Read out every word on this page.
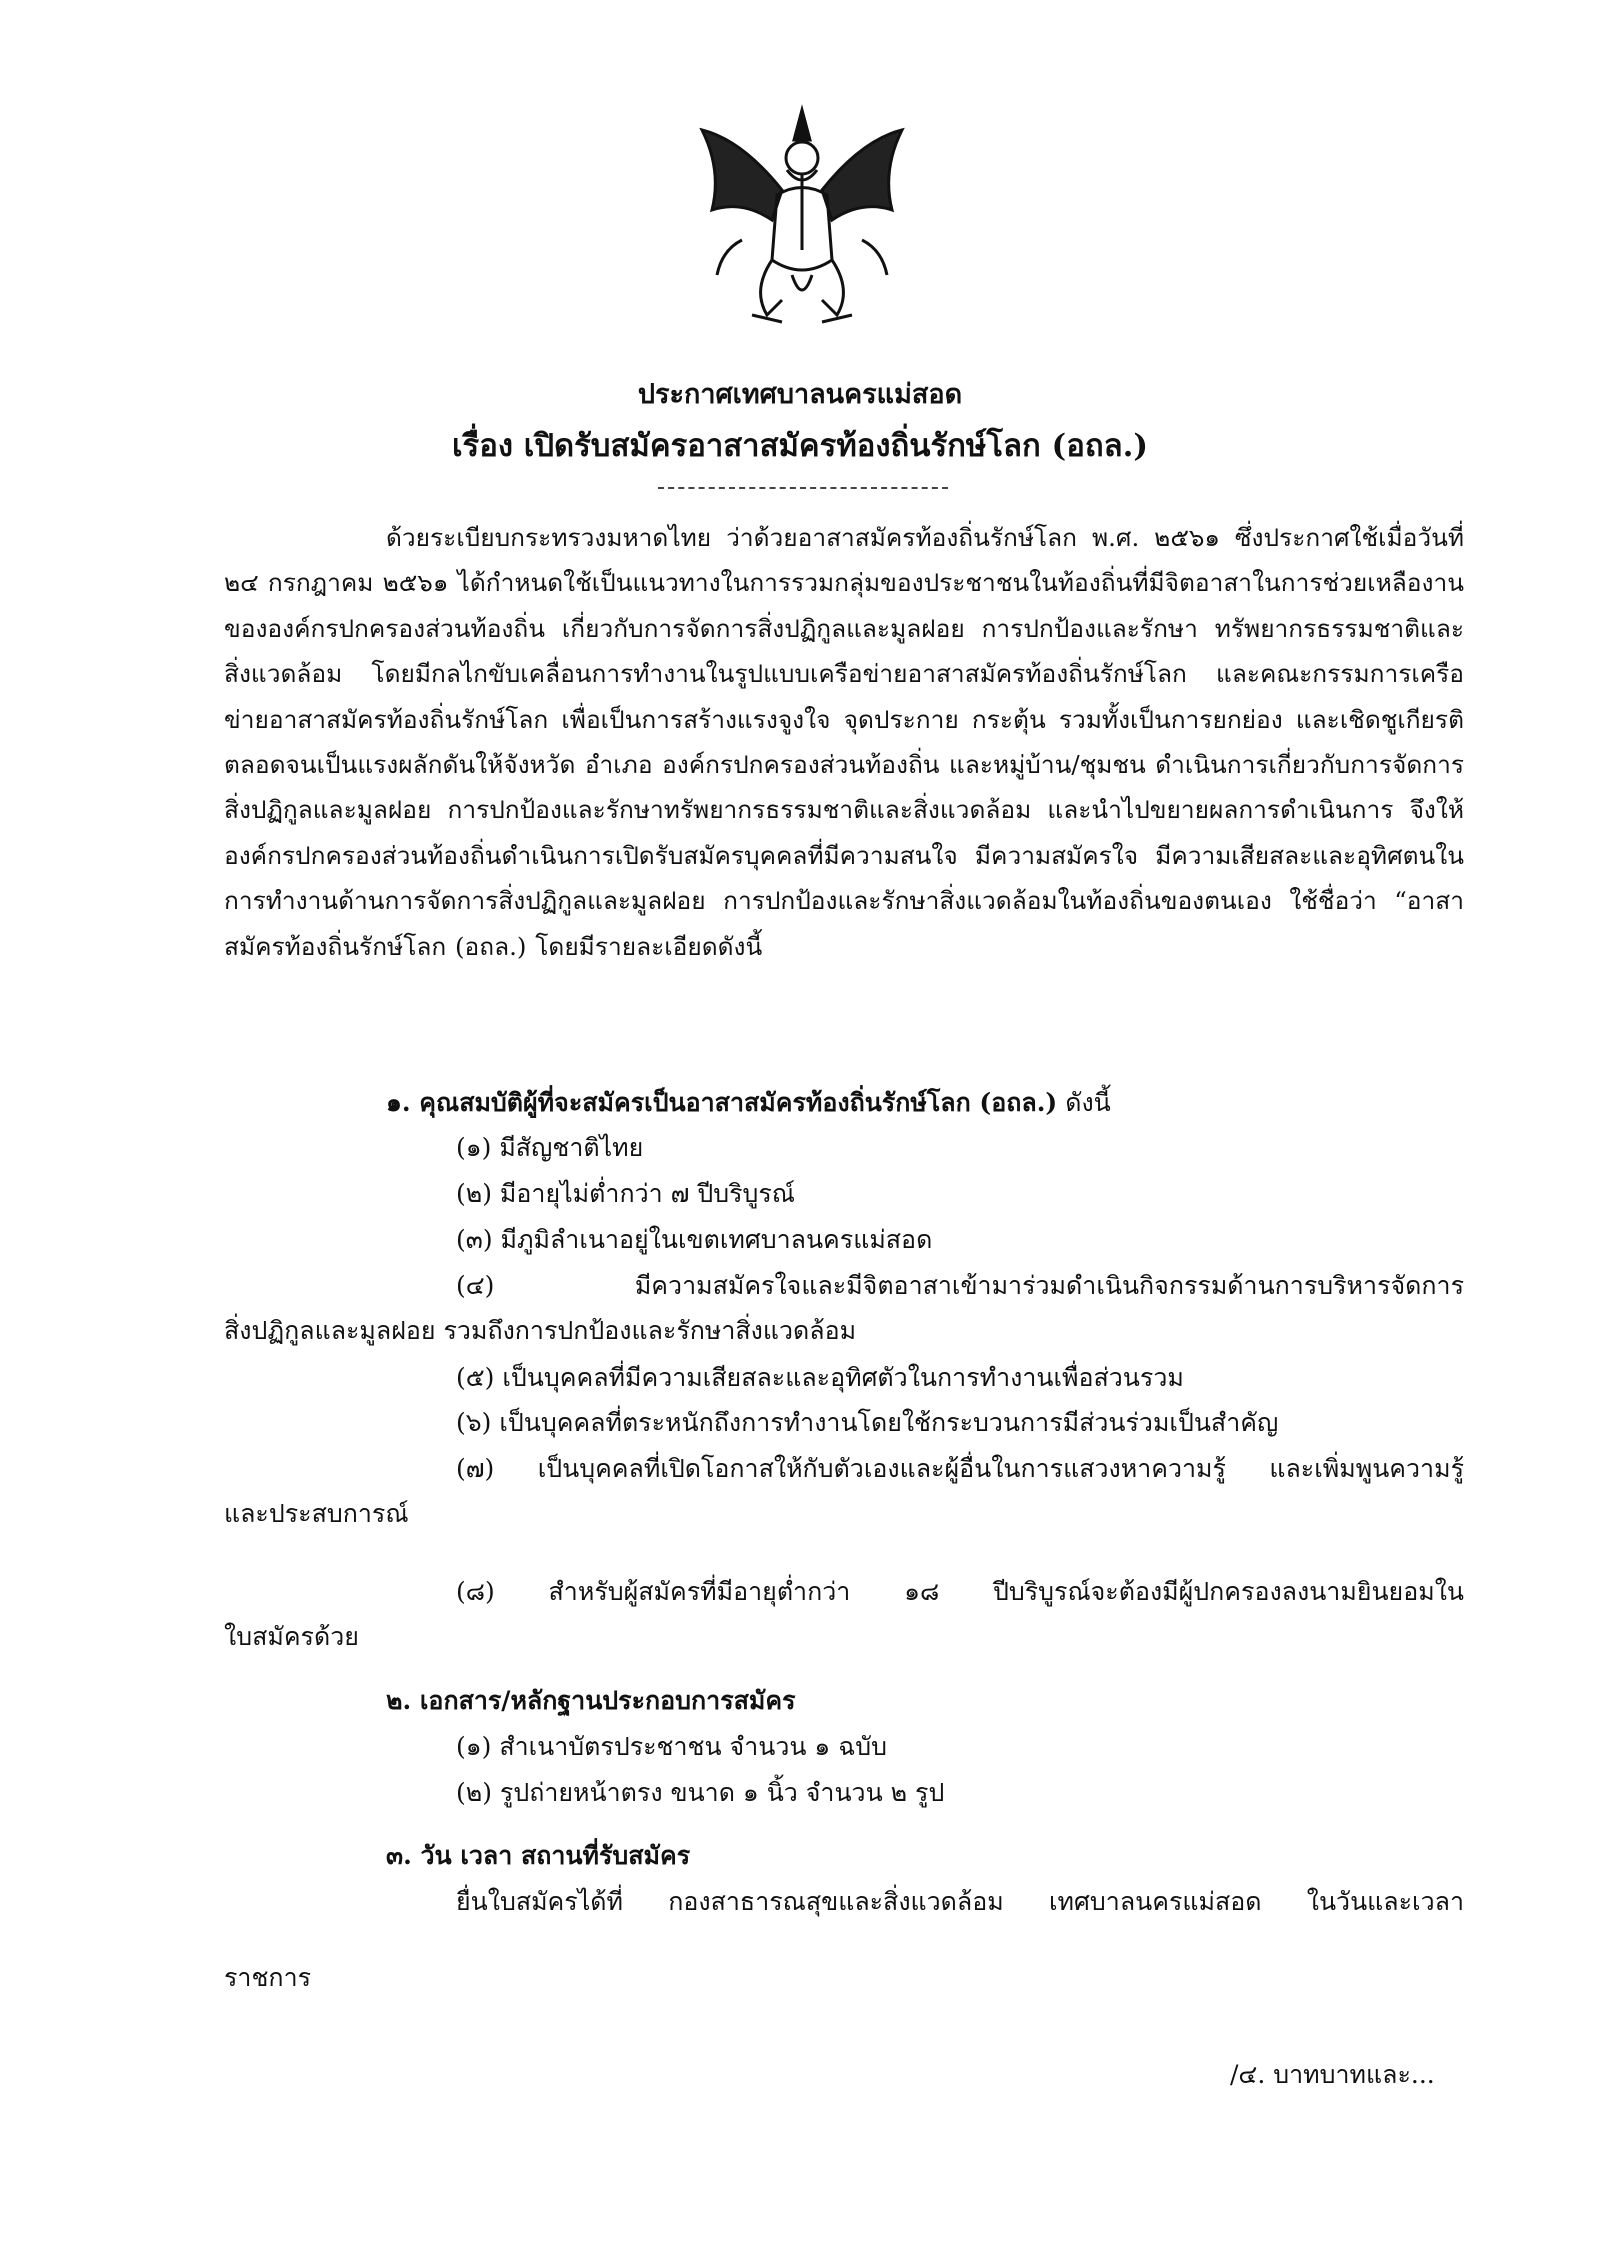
ประกาศเทศบาลนครแม่สอด
เรื่อง เปิดรับสมัครอาสาสมัครท้องถิ่นรักษ์โลก (อถล.)
ด้วยระเบียบกระทรวงมหาดไทย ว่าด้วยอาสาสมัครท้องถิ่นรักษ์โลก พ.ศ. ๒๕๖๑ ซึ่งประกาศใช้เมื่อวันที่ ๒๔ กรกฎาคม ๒๕๖๑ ได้กำหนดใช้เป็นแนวทางในการรวมกลุ่มของประชาชนในท้องถิ่นที่มีจิตอาสาในการช่วยเหลืองานขององค์กรปกครองส่วนท้องถิ่น เกี่ยวกับการจัดการสิ่งปฏิกูลและมูลฝอย การปกป้องและรักษา ทรัพยากรธรรมชาติและสิ่งแวดล้อม โดยมีกลไกขับเคลื่อนการทำงานในรูปแบบเครือข่ายอาสาสมัครท้องถิ่นรักษ์โลก และคณะกรรมการเครือข่ายอาสาสมัครท้องถิ่นรักษ์โลก เพื่อเป็นการสร้างแรงจูงใจ จุดประกาย กระตุ้น รวมทั้งเป็นการยกย่อง และเชิดชูเกียรติ ตลอดจนเป็นแรงผลักดันให้จังหวัด อำเภอ องค์กรปกครองส่วนท้องถิ่น และหมู่บ้าน/ชุมชน ดำเนินการเกี่ยวกับการจัดการสิ่งปฏิกูลและมูลฝอย การปกป้องและรักษาทรัพยากรธรรมชาติและสิ่งแวดล้อม และนำไปขยายผลการดำเนินการ จึงให้องค์กรปกครองส่วนท้องถิ่นดำเนินการเปิดรับสมัครบุคคลที่มีความสนใจ มีความสมัครใจ มีความเสียสละและอุทิศตนในการทำงานด้านการจัดการสิ่งปฏิกูลและมูลฝอย การปกป้องและรักษาสิ่งแวดล้อมในท้องถิ่นของตนเอง ใช้ชื่อว่า “อาสาสมัครท้องถิ่นรักษ์โลก (อถล.) โดยมีรายละเอียดดังนี้
๑. คุณสมบัติผู้ที่จะสมัครเป็นอาสาสมัครท้องถิ่นรักษ์โลก (อถล.) ดังนี้
(๑) มีสัญชาติไทย
(๒) มีอายุไม่ต่ำกว่า ๗ ปีบริบูรณ์
(๓) มีภูมิลำเนาอยู่ในเขตเทศบาลนครแม่สอด
(๔) มีความสมัครใจและมีจิตอาสาเข้ามาร่วมดำเนินกิจกรรมด้านการบริหารจัดการ
สิ่งปฏิกูลและมูลฝอย รวมถึงการปกป้องและรักษาสิ่งแวดล้อม
(๕) เป็นบุคคลที่มีความเสียสละและอุทิศตัวในการทำงานเพื่อส่วนรวม
(๖) เป็นบุคคลที่ตระหนักถึงการทำงานโดยใช้กระบวนการมีส่วนร่วมเป็นสำคัญ
(๗) เป็นบุคคลที่เปิดโอกาสให้กับตัวเองและผู้อื่นในการแสวงหาความรู้ และเพิ่มพูนความรู้
และประสบการณ์
(๘) สำหรับผู้สมัครที่มีอายุต่ำกว่า ๑๘ ปีบริบูรณ์จะต้องมีผู้ปกครองลงนามยินยอมใน
ใบสมัครด้วย
๒. เอกสาร/หลักฐานประกอบการสมัคร
(๑) สำเนาบัตรประชาชน จำนวน ๑ ฉบับ
(๒) รูปถ่ายหน้าตรง ขนาด ๑ นิ้ว จำนวน ๒ รูป
๓. วัน เวลา สถานที่รับสมัคร
ยื่นใบสมัครได้ที่ กองสาธารณสุขและสิ่งแวดล้อม เทศบาลนครแม่สอด ในวันและเวลา
ราชการ
/๔. บาทบาทและ...
